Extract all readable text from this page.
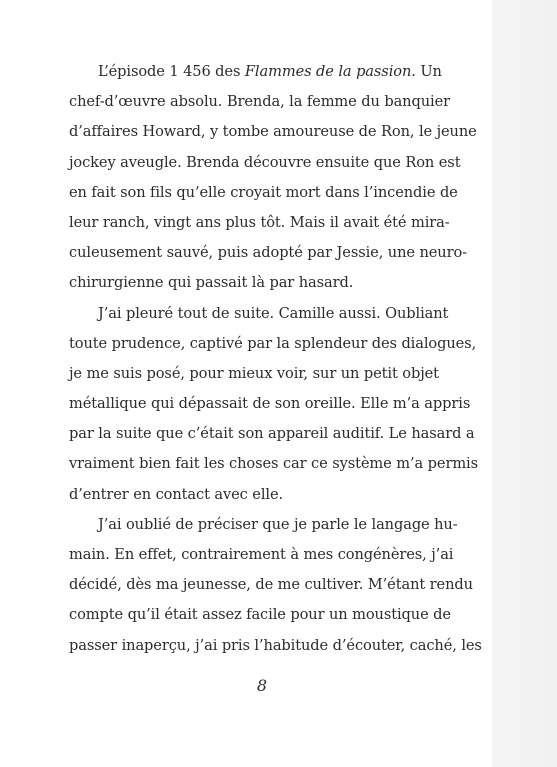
L’épisode 1 456 des Flammes de la passion. Un
chef-d’œuvre absolu. Brenda, la femme du banquier
d’affaires Howard, y tombe amoureuse de Ron, le jeune
jockey aveugle. Brenda découvre ensuite que Ron est
en fait son fils qu’elle croyait mort dans l’incendie de
leur ranch, vingt ans plus tôt. Mais il avait été mira-
culeusement sauvé, puis adopté par Jessie, une neuro-
chirurgienne qui passait là par hasard.
J’ai pleuré tout de suite. Camille aussi. Oubliant
toute prudence, captivé par la splendeur des dialogues,
je me suis posé, pour mieux voir, sur un petit objet
métallique qui dépassait de son oreille. Elle m’a appris
par la suite que c’était son appareil auditif. Le hasard a
vraiment bien fait les choses car ce système m’a permis
d’entrer en contact avec elle.
J’ai oublié de préciser que je parle le langage hu-
main. En effet, contrairement à mes congénères, j’ai
décidé, dès ma jeunesse, de me cultiver. M’étant rendu
compte qu’il était assez facile pour un moustique de
passer inaperçu, j’ai pris l’habitude d’écouter, caché, les
8
